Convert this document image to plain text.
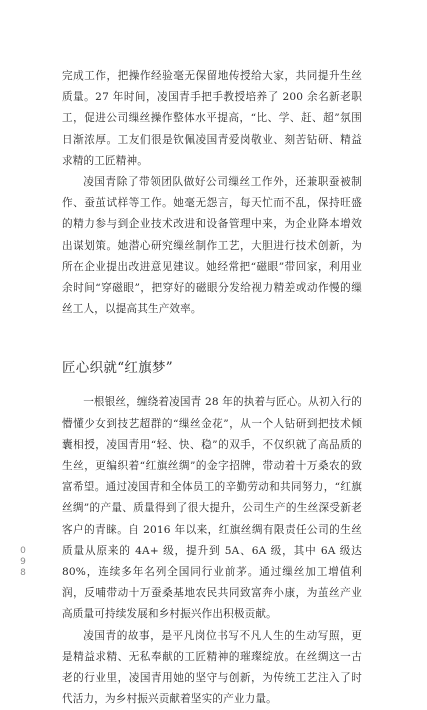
完成工作，把操作经验毫无保留地传授给大家，共同提升生丝质量。27 年时间，凌国青手把手教授培养了 200 余名新老职工，促进公司缫丝操作整体水平提高，“比、学、赶、超”氛围日渐浓厚。工友们很是钦佩凌国青爱岗敬业、刻苦钻研、精益求精的工匠精神。

凌国青除了带领团队做好公司缫丝工作外，还兼职蚕被制作、蚕茧试样等工作。她毫无怨言，每天忙而不乱，保持旺盛的精力参与到企业技术改进和设备管理中来，为企业降本增效出谋划策。她潜心研究缫丝制作工艺，大胆进行技术创新，为所在企业提出改进意见建议。她经常把“磁眼”带回家，利用业余时间“穿磁眼”，把穿好的磁眼分发给视力精差或动作慢的缫丝工人，以提高其生产效率。

匠心织就“红旗梦”

一根银丝，缠绕着凌国青 28 年的执着与匠心。从初入行的懵懂少女到技艺超群的“缫丝金花”，从一个人钻研到把技术倾囊相授，凌国青用“轻、快、稳”的双手，不仅织就了高品质的生丝，更编织着“红旗丝绸”的金字招牌，带动着十万桑农的致富希望。通过凌国青和全体员工的辛勤劳动和共同努力，“红旗丝绸”的产量、质量得到了很大提升，公司生产的生丝深受新老客户的青睐。自 2016 年以来，红旗丝绸有限责任公司的生丝质量从原来的 4A+ 级，提升到 5A、6A 级，其中 6A 级达 80%，连续多年名列全国同行业前茅。通过缫丝加工增值利润，反哺带动十万蚕桑基地农民共同致富奔小康，为茧丝产业高质量可持续发展和乡村振兴作出积极贡献。

凌国青的故事，是平凡岗位书写不凡人生的生动写照，更是精益求精、无私奉献的工匠精神的璀璨绽放。在丝绸这一古老的行业里，凌国青用她的坚守与创新，为传统工艺注入了时代活力，为乡村振兴贡献着坚实的产业力量。

0
9
8
